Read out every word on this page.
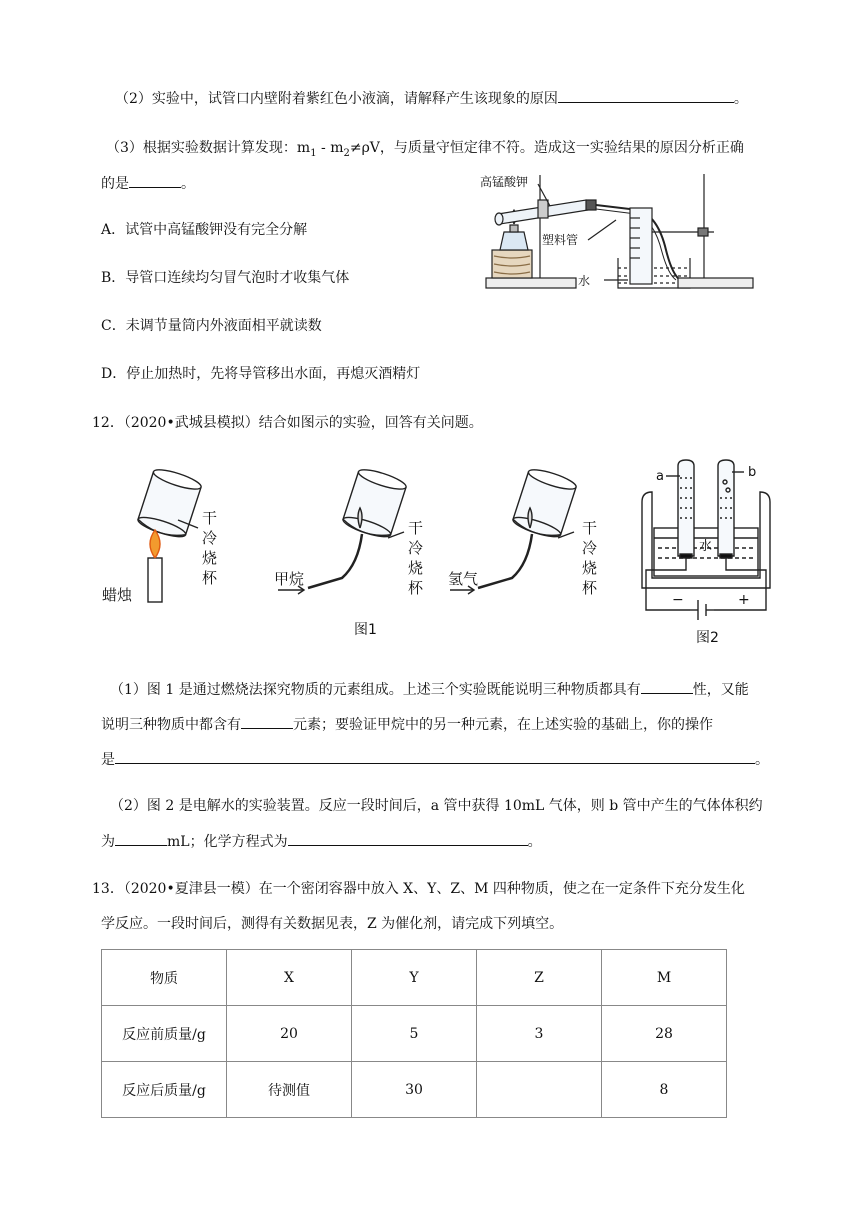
（2）实验中，试管口内壁附着紫红色小液滴，请解释产生该现象的原因	。
（3）根据实验数据计算发现：$m_1 - m_2\ne\rho V$，与质量守恒定律不符。造成这一实验结果的原因分析正确
的是	。
A．试管中高锰酸钾没有完全分解
B．导管口连续均匀冒气泡时才收集气体
C．未调节量筒内外液面相平就读数
D．停止加热时，先将导管移出水面，再熄灭酒精灯
高锰酸钾
塑料管
水
12．（2020•武城县模拟）结合如图示的实验，回答有关问题。
干
冷
烧
杯
蜡烛
干
冷
烧
杯
甲烷
干
冷
烧
杯
氢气
图1
a	b
水
−	+
图2
（1）图 1 是通过燃烧法探究物质的元素组成。上述三个实验既能说明三种物质都具有	性，又能
说明三种物质中都含有	元素；要验证甲烷中的另一种元素，在上述实验的基础上，你的操作
是	。
（2）图 2 是电解水的实验装置。反应一段时间后，a 管中获得 10mL 气体，则 b 管中产生的气体体积约
为	mL；化学方程式为	。
13．（2020•夏津县一模）在一个密闭容器中放入 X、Y、Z、M 四种物质，使之在一定条件下充分发生化
学反应。一段时间后，测得有关数据见表，Z 为催化剂，请完成下列填空。
物质	X	Y	Z	M
反应前质量/g	20	5	3	28
反应后质量/g	待测值	30		8
